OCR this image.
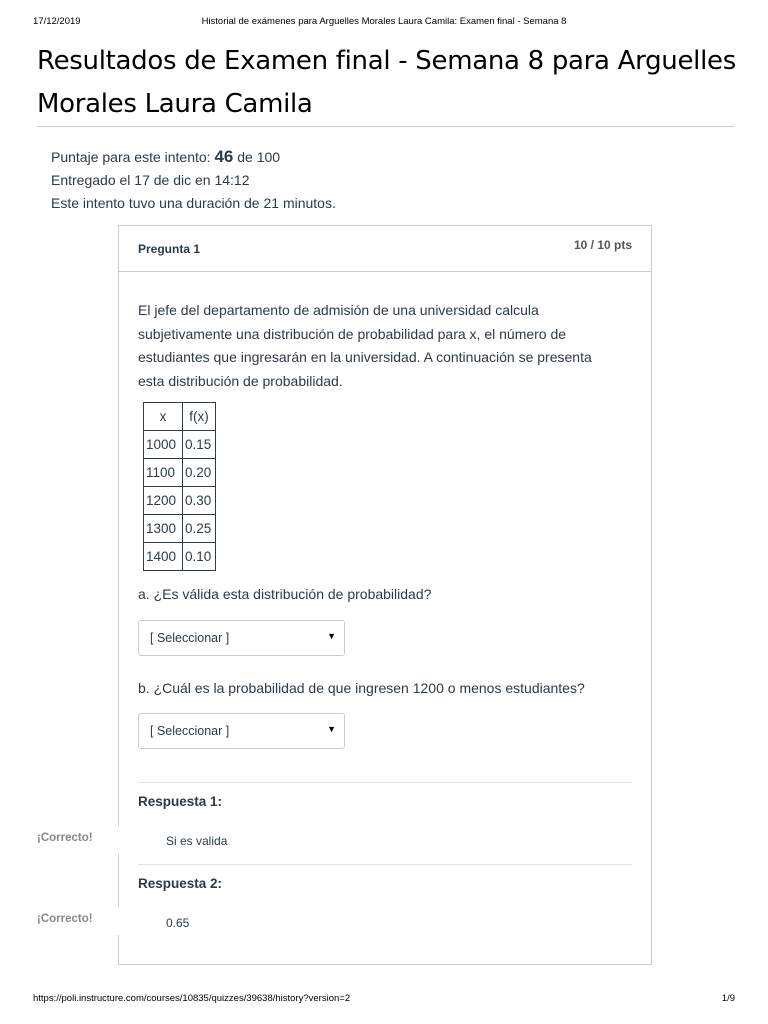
17/12/2019	Historial de exámenes para Arguelles Morales Laura Camila: Examen final - Semana 8
Resultados de Examen final - Semana 8 para Arguelles Morales Laura Camila
Puntaje para este intento: 46 de 100
Entregado el 17 de dic en 14:12
Este intento tuvo una duración de 21 minutos.
Pregunta 1	10 / 10 pts

El jefe del departamento de admisión de una universidad calcula subjetivamente una distribución de probabilidad para x, el número de estudiantes que ingresarán en la universidad. A continuación se presenta esta distribución de probabilidad.

x	f(x)
1000	0.15
1100	0.20
1200	0.30
1300	0.25
1400	0.10
a. ¿Es válida esta distribución de probabilidad?
[ Seleccionar ]	▼
b. ¿Cuál es la probabilidad de que ingresen 1200 o menos estudiantes?
[ Seleccionar ]	▼
Respuesta 1:
Si es valida
Respuesta 2:
0.65
¡Correcto!
¡Correcto!
https://poli.instructure.com/courses/10835/quizzes/39638/history?version=2	1/9
